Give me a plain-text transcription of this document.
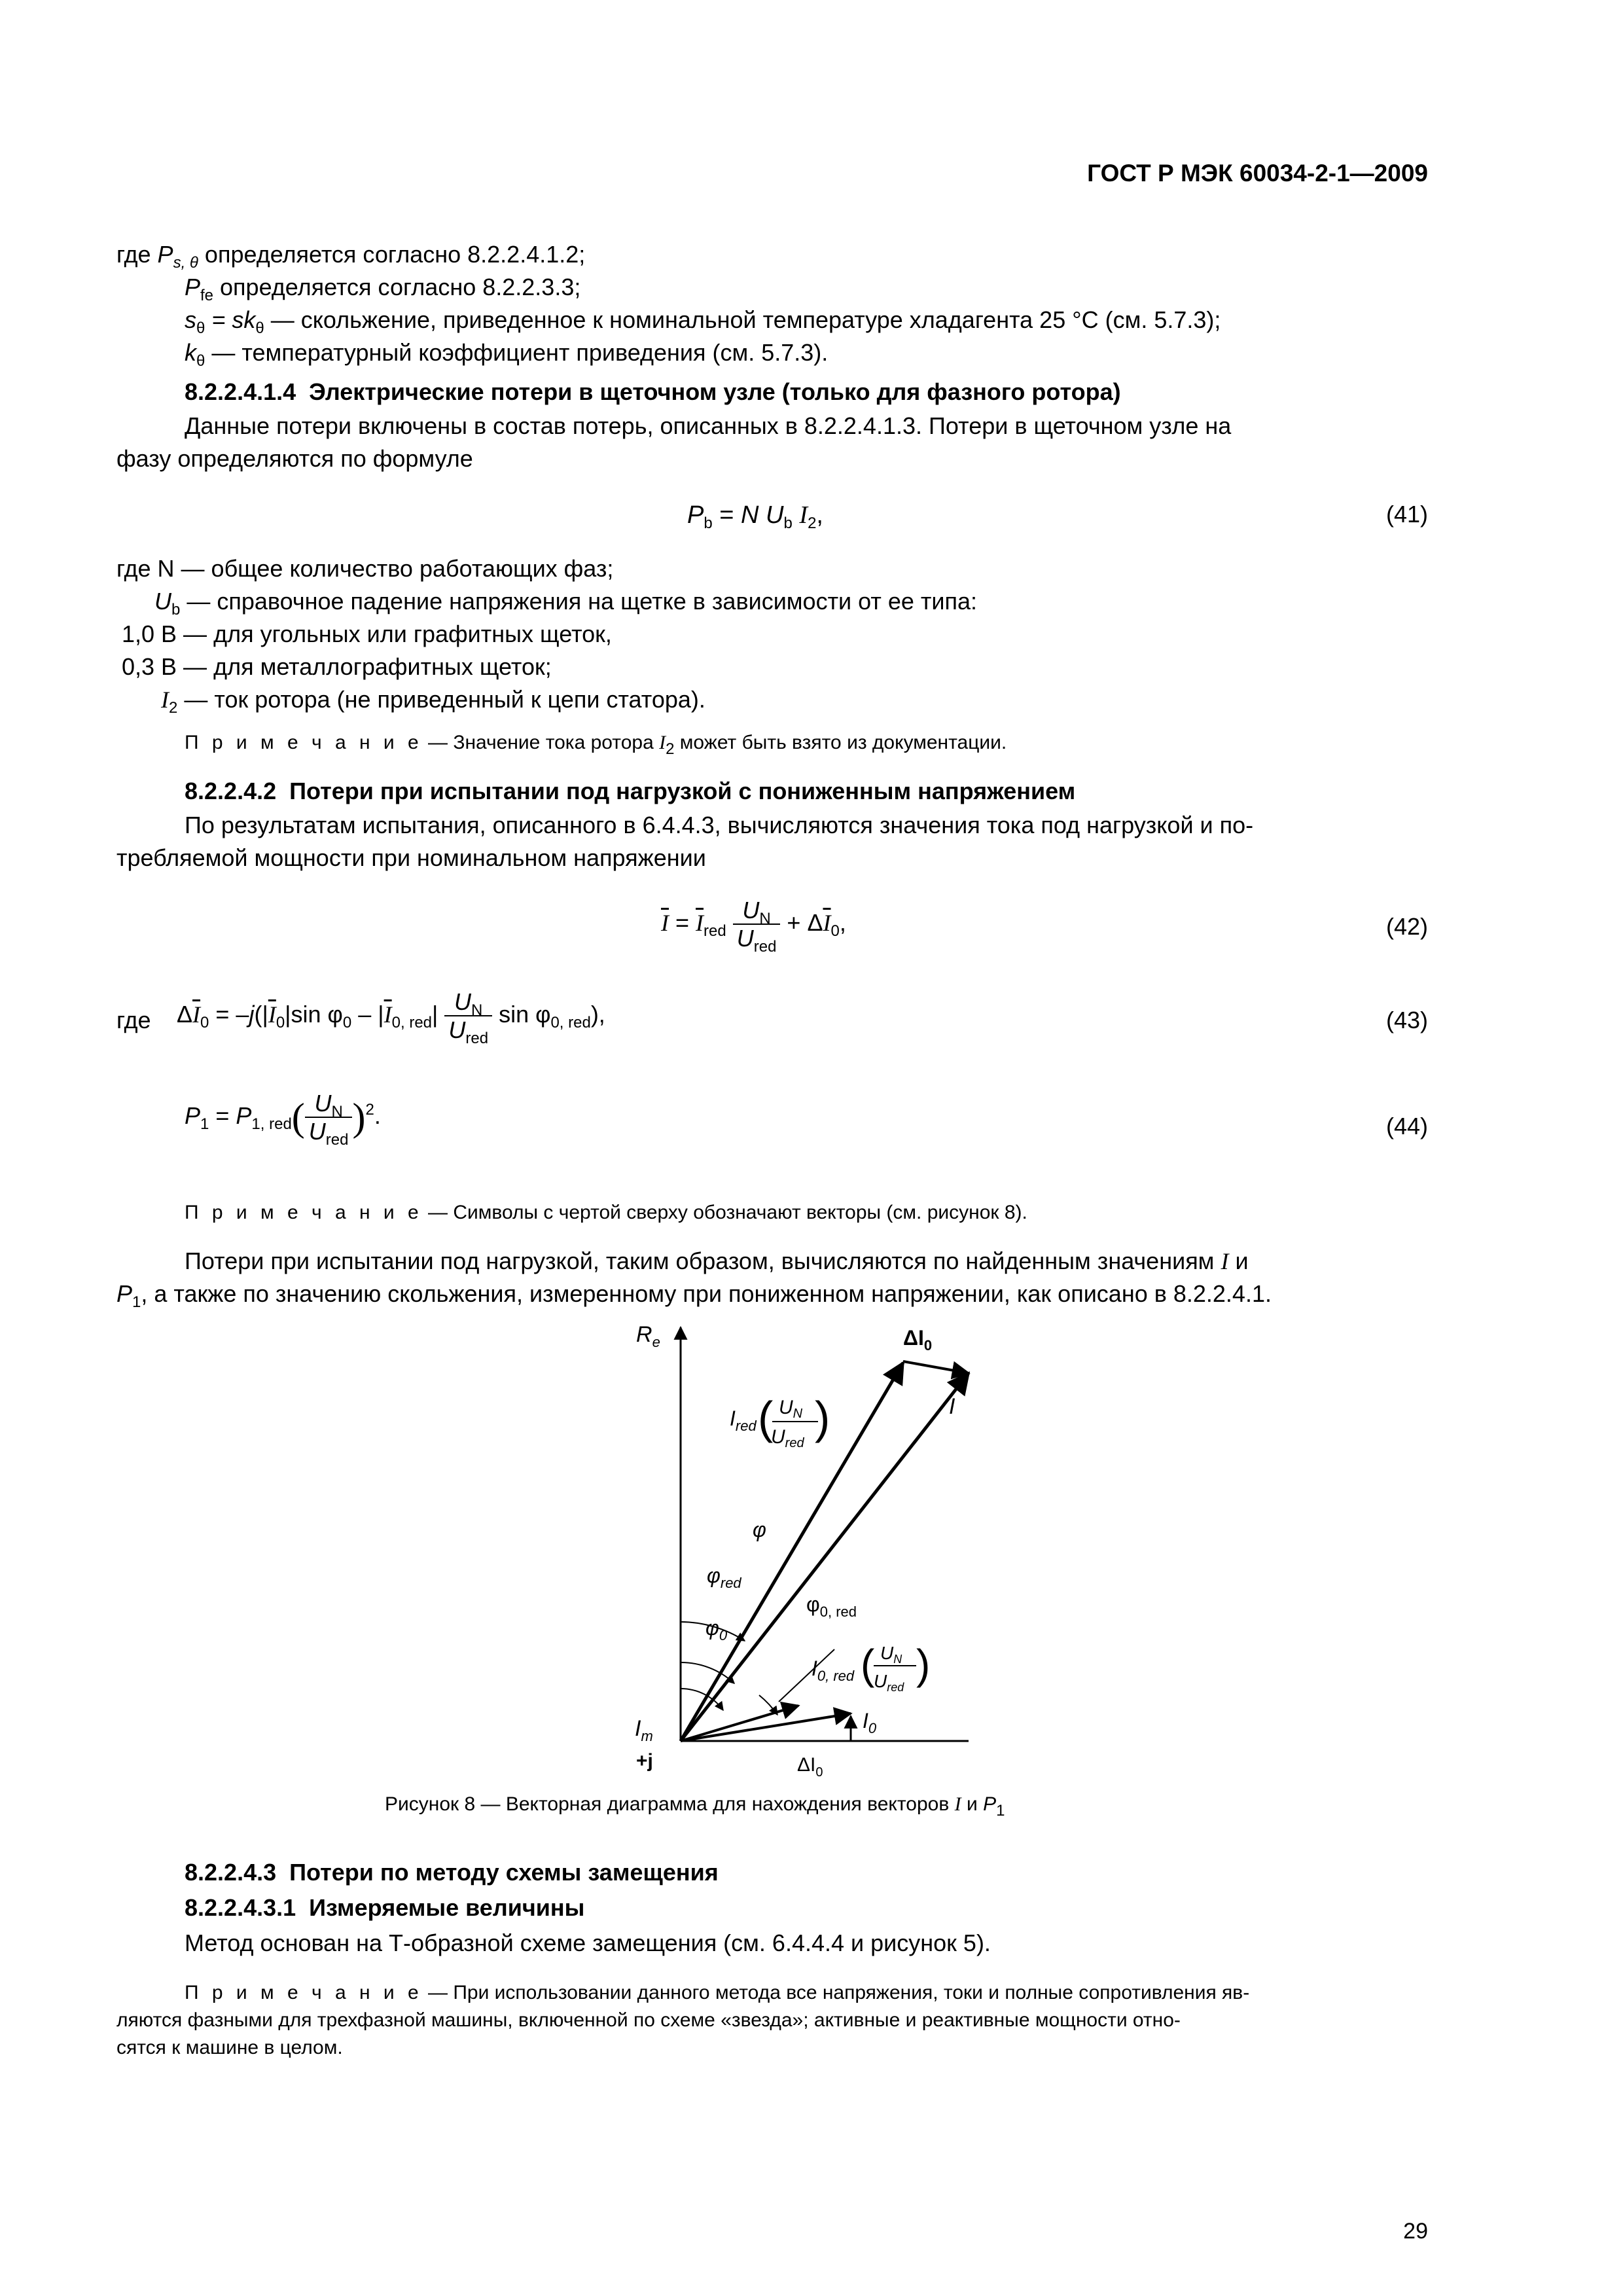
ГОСТ Р МЭК 60034-2-1—2009
где $P_{s, \theta}$ определяется согласно 8.2.2.4.1.2;
$P_{fe}$ определяется согласно 8.2.2.3.3;
$s_\theta = sk_\theta$ — скольжение, приведенное к номинальной температуре хладагента 25 °C (см. 5.7.3);
$k_\theta$ — температурный коэффициент приведения (см. 5.7.3).
8.2.2.4.1.4 Электрические потери в щеточном узле (только для фазного ротора)
Данные потери включены в состав потерь, описанных в 8.2.2.4.1.3. Потери в щеточном узле на
фазу определяются по формуле
$P_b = N$ $U_b$ $I_2$,	(41)
где N — общее количество работающих фаз;
$U_b$ — справочное падение напряжения на щетке в зависимости от ее типа:
1,0 В — для угольных или графитных щеток,
0,3 В — для металлографитных щеток;
$I_2$ — ток ротора (не приведенный к цепи статора).
П р и м е ч а н и е — Значение тока ротора $I_2$ может быть взято из документации.
8.2.2.4.2 Потери при испытании под нагрузкой с пониженным напряжением
По результатам испытания, описанного в 6.4.4.3, вычисляются значения тока под нагрузкой и по-
требляемой мощности при номинальном напряжении
$\overline{I} = \overline{I}_{red} \frac{U_N}{U_{red}} + \Delta\overline{I}_0$,	(42)
где $\Delta\overline{I}_0 = -j(|\overline{I}_0|\sin$ $\varphi_0 - |\overline{I}_{0, red}| \frac{U_N}{U_{red}}$ $\sin \varphi_{0, red}$),	(43)
$P_1 = P_{1, red}( \frac{U_N}{U_{red}} )^2$.	(44)
П р и м е ч а н и е — Символы с чертой сверху обозначают векторы (см. рисунок 8).
Потери при испытании под нагрузкой, таким образом, вычисляются по найденным значениям I и
$P_1$, а также по значению скольжения, измеренному при пониженном напряжении, как описано в 8.2.2.4.1.
$R_e$
$I_m$
+j
$\Delta I_0$
I
$I_{red}$
$U_N$
$U_{red}$
( )
φ
$\varphi_{red}$
$\varphi_0$
$\varphi_{0, red}$
$I_{0, red}$
$U_N$
$U_{red}$
( )
$I_0$
$\Delta I_0$
Рисунок 8 — Векторная диаграмма для нахождения векторов I и $P_1$
8.2.2.4.3 Потери по методу схемы замещения
8.2.2.4.3.1 Измеряемые величины
Метод основан на Т-образной схеме замещения (см. 6.4.4.4 и рисунок 5).
П р и м е ч а н и е — При использовании данного метода все напряжения, токи и полные сопротивления яв-
ляются фазными для трехфазной машины, включенной по схеме «звезда»; активные и реактивные мощности отно-
сятся к машине в целом.
29
